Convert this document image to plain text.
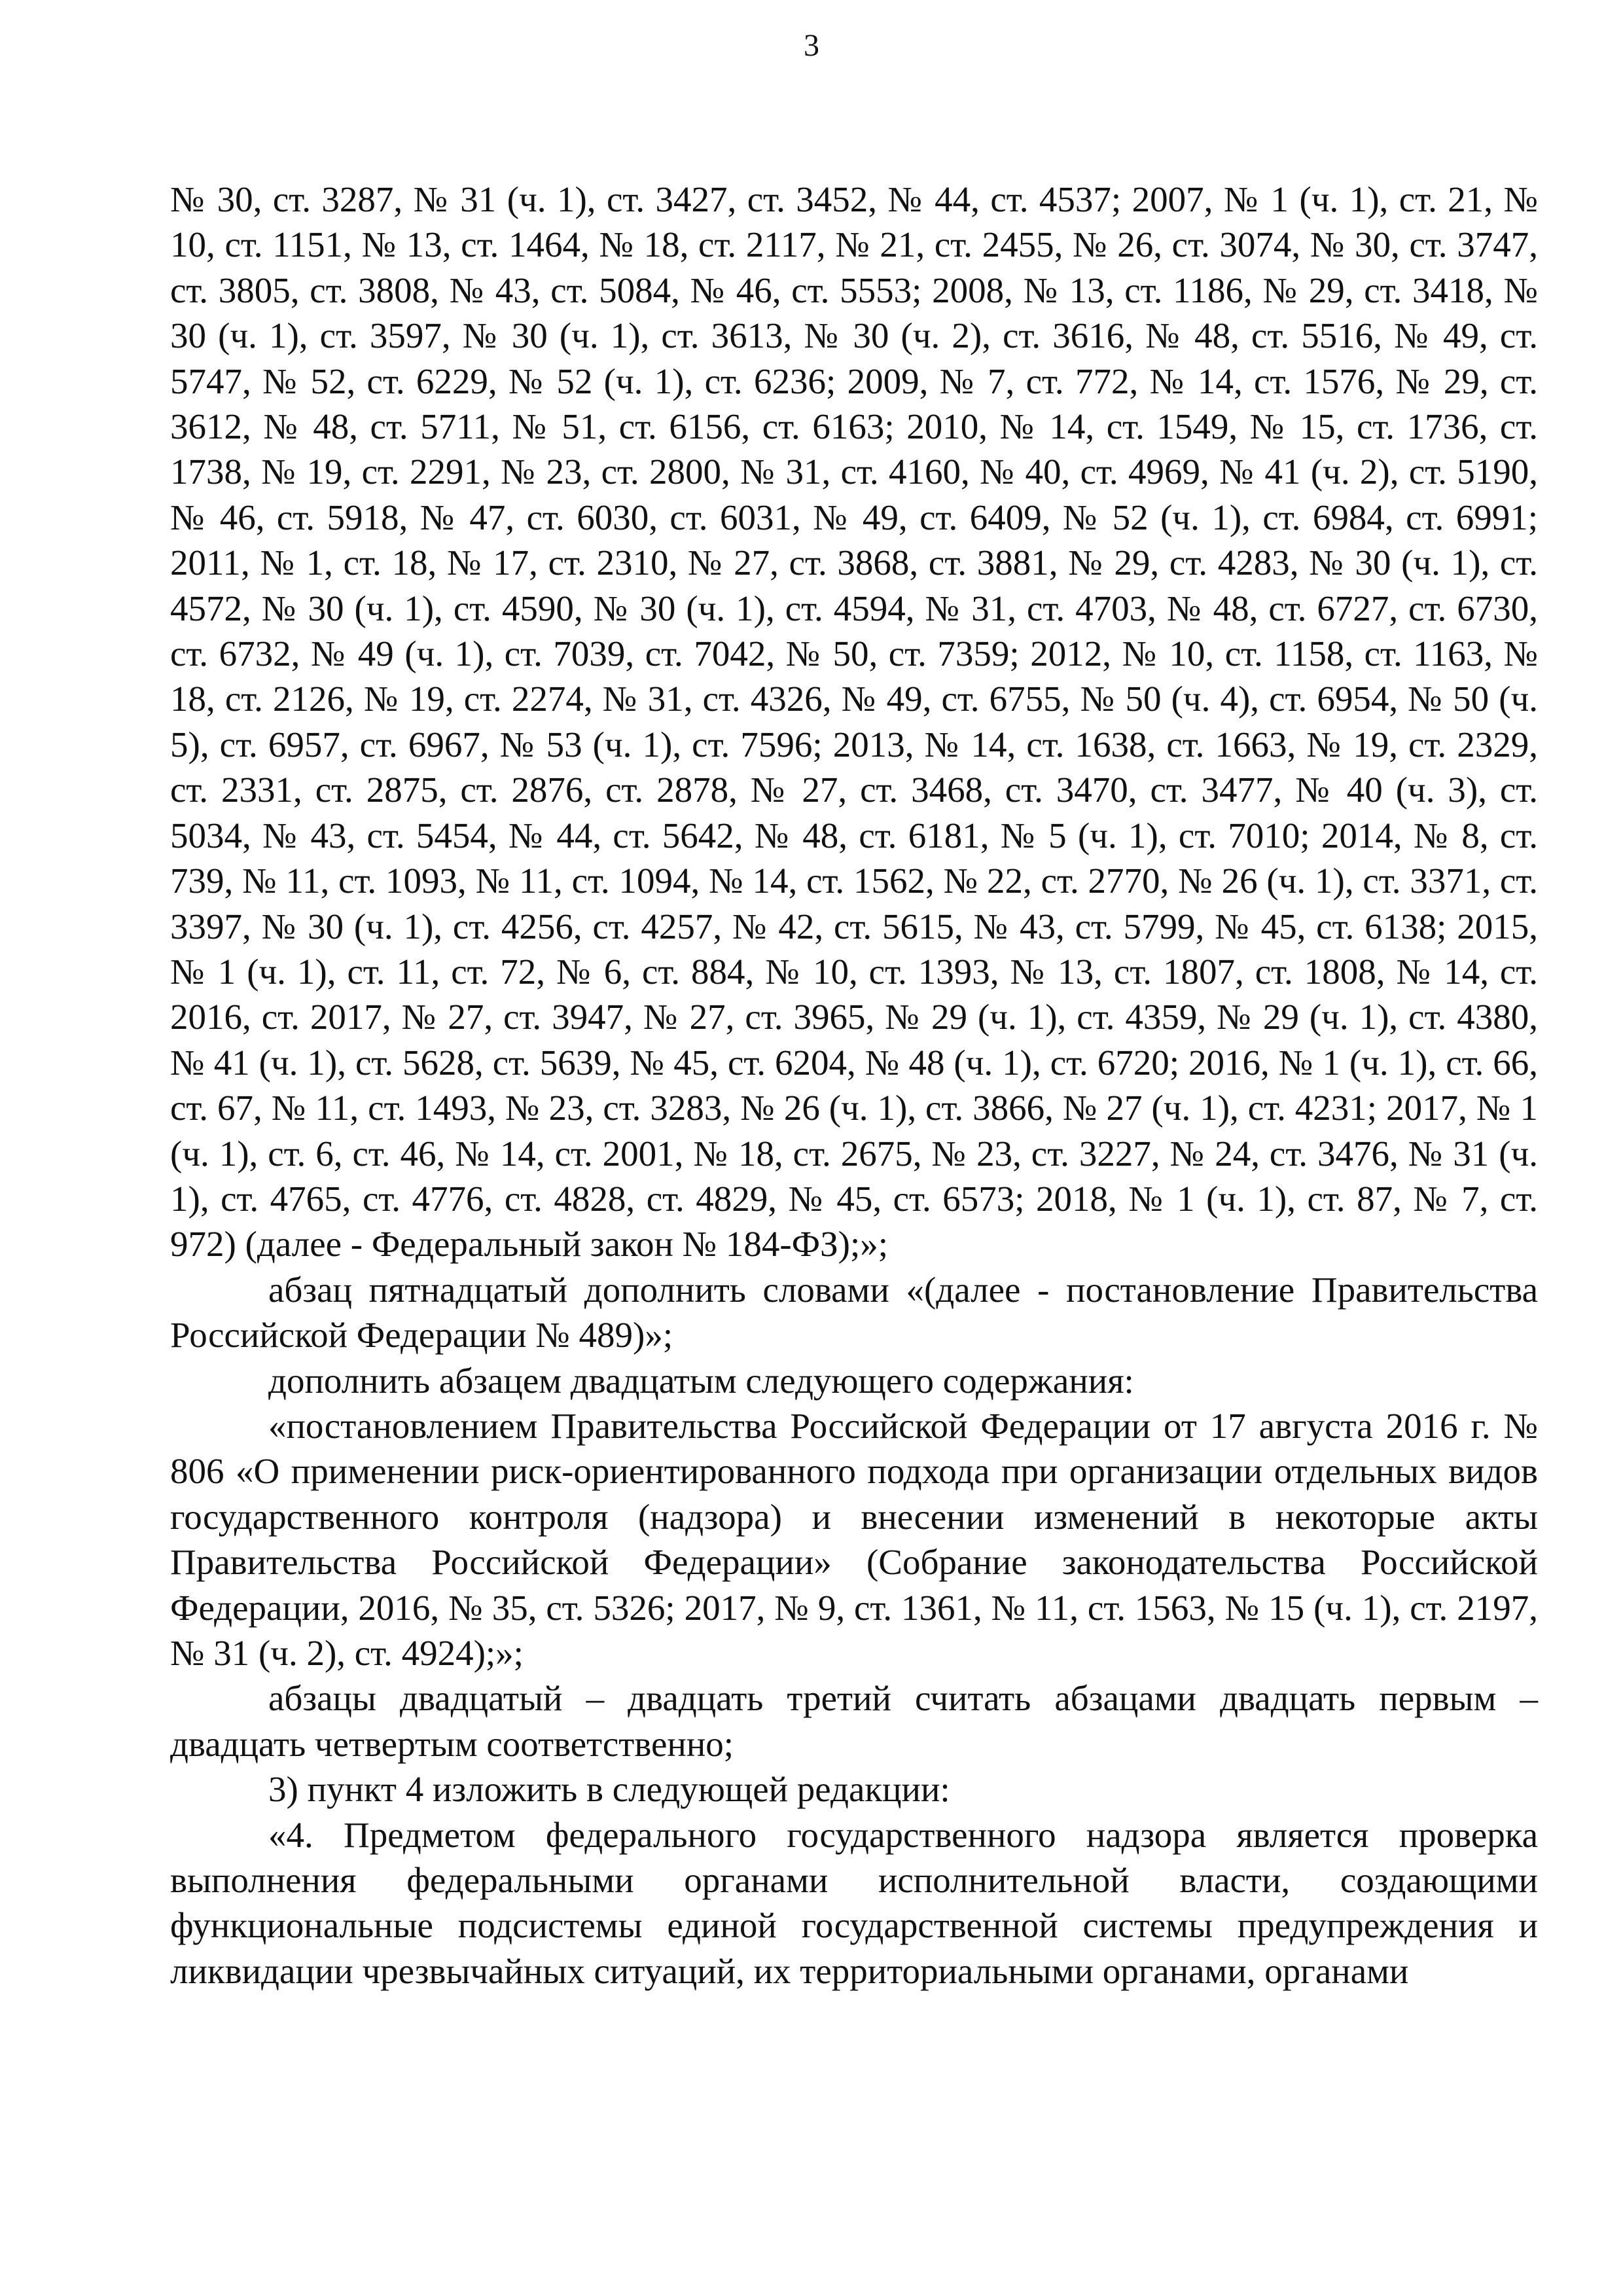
3

№ 30, ст. 3287, № 31 (ч. 1), ст. 3427, ст. 3452, № 44, ст. 4537; 2007, № 1 (ч. 1), ст. 21, № 10, ст. 1151, № 13, ст. 1464, № 18, ст. 2117, № 21, ст. 2455, № 26, ст. 3074, № 30, ст. 3747, ст. 3805, ст. 3808, № 43, ст. 5084, № 46, ст. 5553; 2008, № 13, ст. 1186, № 29, ст. 3418, № 30 (ч. 1), ст. 3597, № 30 (ч. 1), ст. 3613, № 30 (ч. 2), ст. 3616, № 48, ст. 5516, № 49, ст. 5747, № 52, ст. 6229, № 52 (ч. 1), ст. 6236; 2009, № 7, ст. 772, № 14, ст. 1576, № 29, ст. 3612, № 48, ст. 5711, № 51, ст. 6156, ст. 6163; 2010, № 14, ст. 1549, № 15, ст. 1736, ст. 1738, № 19, ст. 2291, № 23, ст. 2800, № 31, ст. 4160, № 40, ст. 4969, № 41 (ч. 2), ст. 5190, № 46, ст. 5918, № 47, ст. 6030, ст. 6031, № 49, ст. 6409, № 52 (ч. 1), ст. 6984, ст. 6991; 2011, № 1, ст. 18, № 17, ст. 2310, № 27, ст. 3868, ст. 3881, № 29, ст. 4283, № 30 (ч. 1), ст. 4572, № 30 (ч. 1), ст. 4590, № 30 (ч. 1), ст. 4594, № 31, ст. 4703, № 48, ст. 6727, ст. 6730, ст. 6732, № 49 (ч. 1), ст. 7039, ст. 7042, № 50, ст. 7359; 2012, № 10, ст. 1158, ст. 1163, № 18, ст. 2126, № 19, ст. 2274, № 31, ст. 4326, № 49, ст. 6755, № 50 (ч. 4), ст. 6954, № 50 (ч. 5), ст. 6957, ст. 6967, № 53 (ч. 1), ст. 7596; 2013, № 14, ст. 1638, ст. 1663, № 19, ст. 2329, ст. 2331, ст. 2875, ст. 2876, ст. 2878, № 27, ст. 3468, ст. 3470, ст. 3477, № 40 (ч. 3), ст. 5034, № 43, ст. 5454, № 44, ст. 5642, № 48, ст. 6181, № 5 (ч. 1), ст. 7010; 2014, № 8, ст. 739, № 11, ст. 1093, № 11, ст. 1094, № 14, ст. 1562, № 22, ст. 2770, № 26 (ч. 1), ст. 3371, ст. 3397, № 30 (ч. 1), ст. 4256, ст. 4257, № 42, ст. 5615, № 43, ст. 5799, № 45, ст. 6138; 2015, № 1 (ч. 1), ст. 11, ст. 72, № 6, ст. 884, № 10, ст. 1393, № 13, ст. 1807, ст. 1808, № 14, ст. 2016, ст. 2017, № 27, ст. 3947, № 27, ст. 3965, № 29 (ч. 1), ст. 4359, № 29 (ч. 1), ст. 4380, № 41 (ч. 1), ст. 5628, ст. 5639, № 45, ст. 6204, № 48 (ч. 1), ст. 6720; 2016, № 1 (ч. 1), ст. 66, ст. 67, № 11, ст. 1493, № 23, ст. 3283, № 26 (ч. 1), ст. 3866, № 27 (ч. 1), ст. 4231; 2017, № 1 (ч. 1), ст. 6, ст. 46, № 14, ст. 2001, № 18, ст. 2675, № 23, ст. 3227, № 24, ст. 3476, № 31 (ч. 1), ст. 4765, ст. 4776, ст. 4828, ст. 4829, № 45, ст. 6573; 2018, № 1 (ч. 1), ст. 87, № 7, ст. 972) (далее - Федеральный закон № 184-ФЗ);»;

абзац пятнадцатый дополнить словами «(далее - постановление Правительства Российской Федерации № 489)»;

дополнить абзацем двадцатым следующего содержания:

«постановлением Правительства Российской Федерации от 17 августа 2016 г. № 806 «О применении риск-ориентированного подхода при организации отдельных видов государственного контроля (надзора) и внесении изменений в некоторые акты Правительства Российской Федерации» (Собрание законодательства Российской Федерации, 2016, № 35, ст. 5326; 2017, № 9, ст. 1361, № 11, ст. 1563, № 15 (ч. 1), ст. 2197, № 31 (ч. 2), ст. 4924);»;

абзацы двадцатый – двадцать третий считать абзацами двадцать первым – двадцать четвертым соответственно;

3) пункт 4 изложить в следующей редакции:

«4. Предметом федерального государственного надзора является проверка выполнения федеральными органами исполнительной власти, создающими функциональные подсистемы единой государственной системы предупреждения и ликвидации чрезвычайных ситуаций, их территориальными органами, органами
